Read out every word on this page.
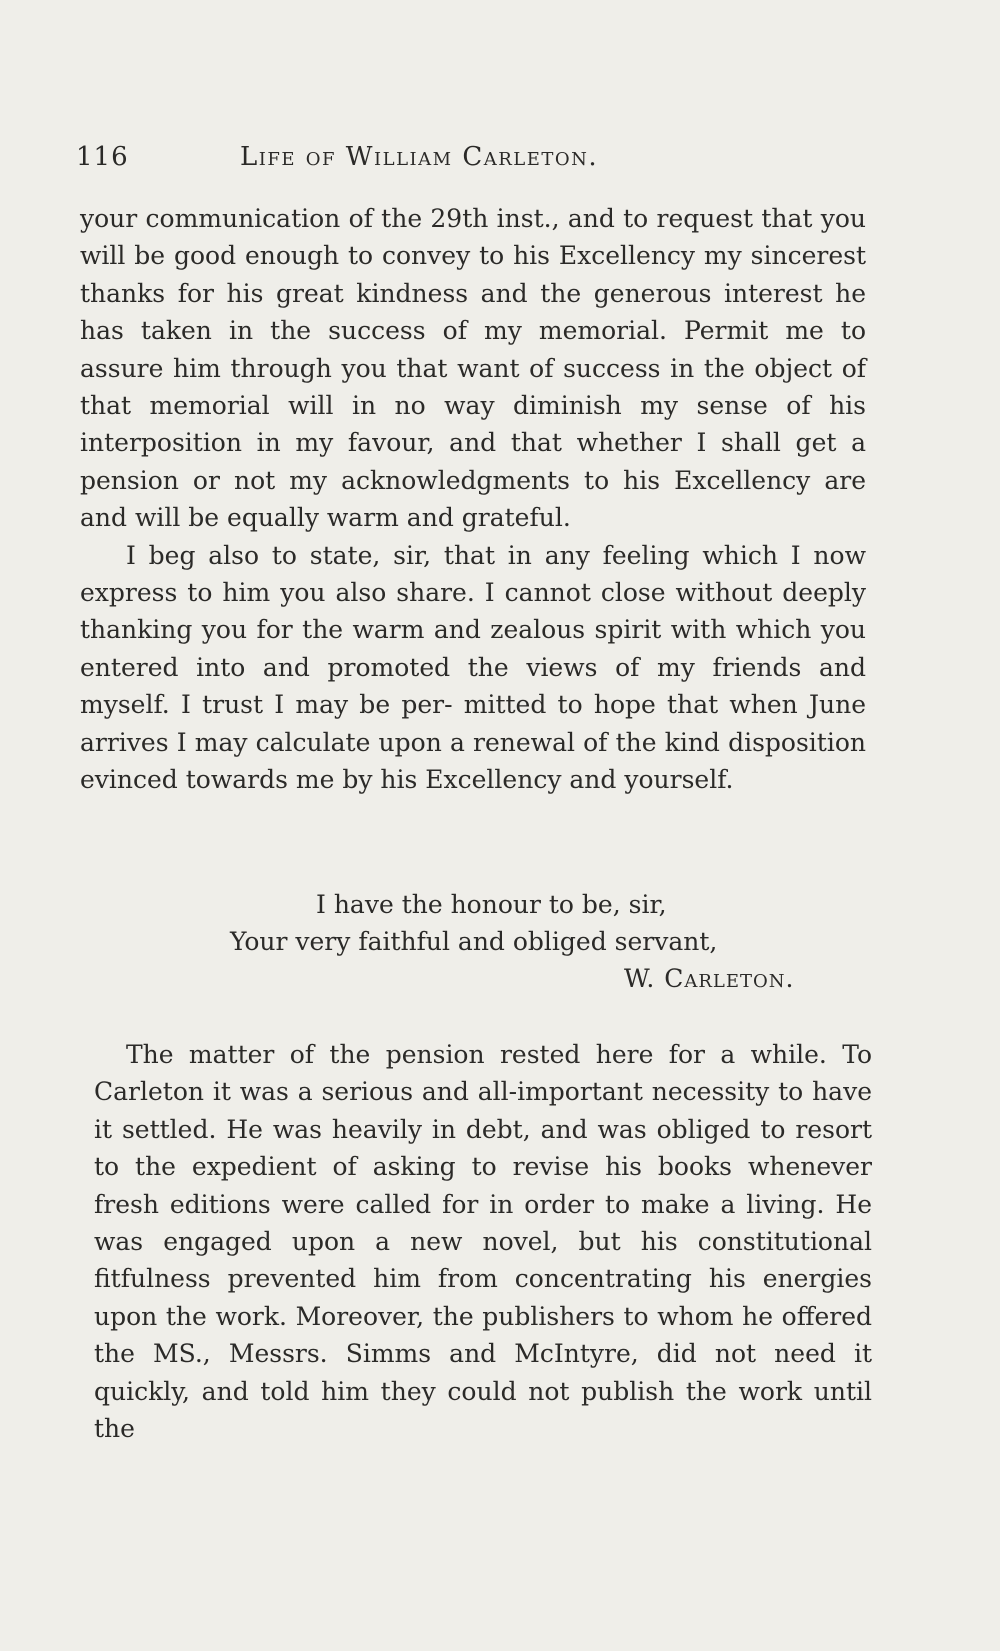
116	Life of William Carleton.

your communication of the 29th inst., and to request that you will be good enough to convey to his Excellency my sincerest thanks for his great kindness and the generous interest he has taken in the success of my memorial. Permit me to assure him through you that want of success in the object of that memorial will in no way diminish my sense of his interposition in my favour, and that whether I shall get a pension or not my acknowledgments to his Excellency are and will be equally warm and grateful.

I beg also to state, sir, that in any feeling which I now express to him you also share. I cannot close without deeply thanking you for the warm and zealous spirit with which you entered into and promoted the views of my friends and myself. I trust I may be per- mitted to hope that when June arrives I may calculate upon a renewal of the kind disposition evinced towards me by his Excellency and yourself.

I have the honour to be, sir,
Your very faithful and obliged servant,
W. Carleton.

The matter of the pension rested here for a while. To Carleton it was a serious and all-important necessity to have it settled. He was heavily in debt, and was obliged to resort to the expedient of asking to revise his books whenever fresh editions were called for in order to make a living. He was engaged upon a new novel, but his constitutional fitfulness prevented him from concentrating his energies upon the work. Moreover, the publishers to whom he offered the MS., Messrs. Simms and McIntyre, did not need it quickly, and told him they could not publish the work until the
